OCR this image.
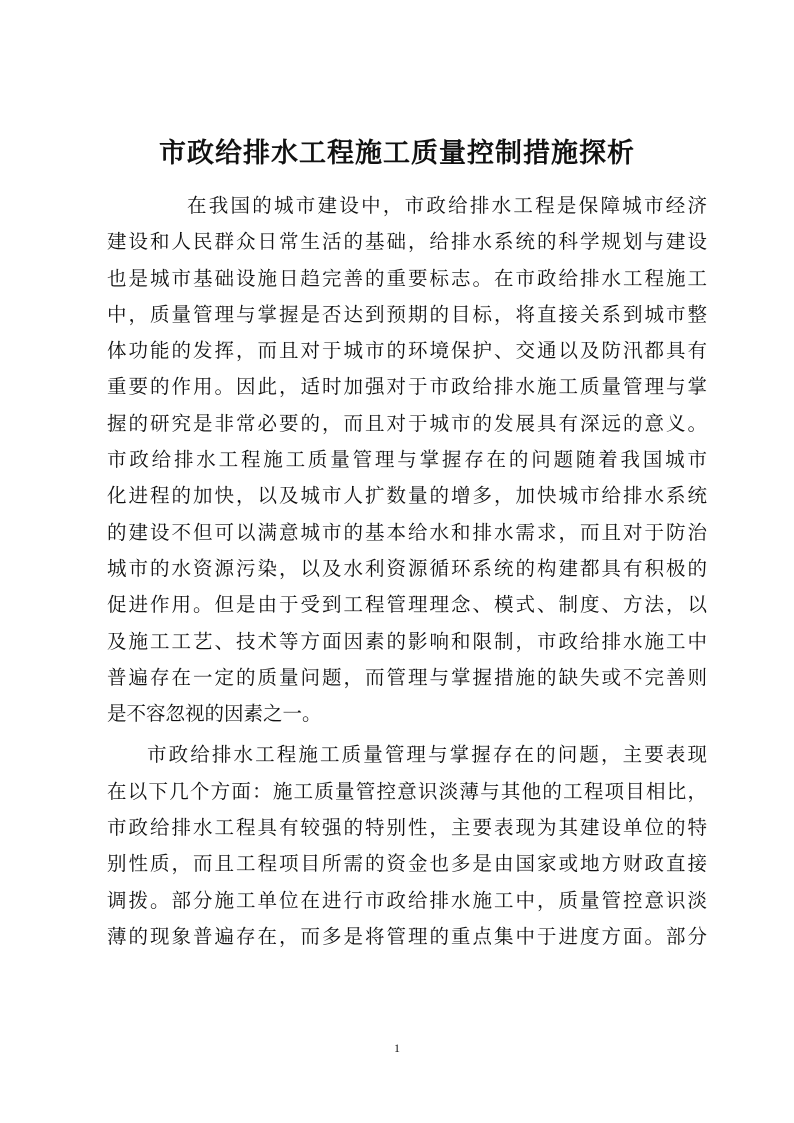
市政给排水工程施工质量控制措施探析
在我国的城市建设中，市政给排水工程是保障城市经济
建设和人民群众日常生活的基础，给排水系统的科学规划与建设
也是城市基础设施日趋完善的重要标志。在市政给排水工程施工
中，质量管理与掌握是否达到预期的目标，将直接关系到城市整
体功能的发挥，而且对于城市的环境保护、交通以及防汛都具有
重要的作用。因此，适时加强对于市政给排水施工质量管理与掌
握的研究是非常必要的，而且对于城市的发展具有深远的意义。
市政给排水工程施工质量管理与掌握存在的问题随着我国城市
化进程的加快，以及城市人扩数量的增多，加快城市给排水系统
的建设不但可以满意城市的基本给水和排水需求，而且对于防治
城市的水资源污染，以及水利资源循环系统的构建都具有积极的
促进作用。但是由于受到工程管理理念、模式、制度、方法，以
及施工工艺、技术等方面因素的影响和限制，市政给排水施工中
普遍存在一定的质量问题，而管理与掌握措施的缺失或不完善则
是不容忽视的因素之一。
市政给排水工程施工质量管理与掌握存在的问题，主要表现
在以下几个方面：施工质量管控意识淡薄与其他的工程项目相比，
市政给排水工程具有较强的特别性，主要表现为其建设单位的特
别性质，而且工程项目所需的资金也多是由国家或地方财政直接
调拨。部分施工单位在进行市政给排水施工中，质量管控意识淡
薄的现象普遍存在，而多是将管理的重点集中于进度方面。部分
1
